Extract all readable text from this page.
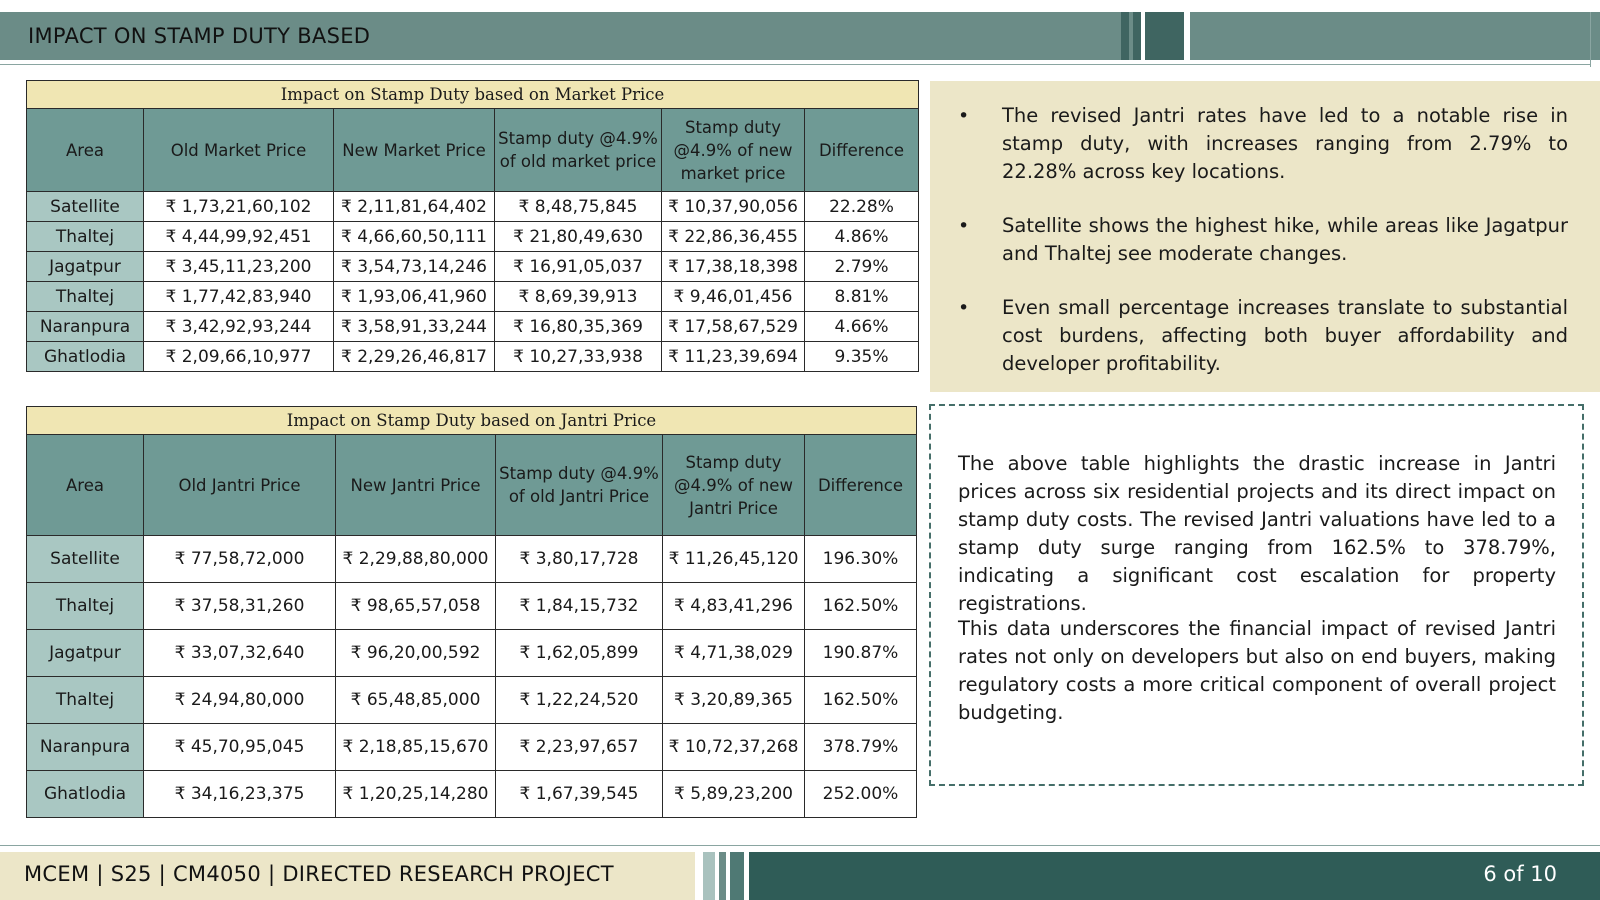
IMPACT ON STAMP DUTY BASED
Impact on Stamp Duty based on Market Price
Area	Old Market Price	New Market Price	Stamp duty @4.9% of old market price	Stamp duty @4.9% of new market price	Difference
Satellite	₹ 1,73,21,60,102	₹ 2,11,81,64,402	₹ 8,48,75,845	₹ 10,37,90,056	22.28%
Thaltej	₹ 4,44,99,92,451	₹ 4,66,60,50,111	₹ 21,80,49,630	₹ 22,86,36,455	4.86%
Jagatpur	₹ 3,45,11,23,200	₹ 3,54,73,14,246	₹ 16,91,05,037	₹ 17,38,18,398	2.79%
Thaltej	₹ 1,77,42,83,940	₹ 1,93,06,41,960	₹ 8,69,39,913	₹ 9,46,01,456	8.81%
Naranpura	₹ 3,42,92,93,244	₹ 3,58,91,33,244	₹ 16,80,35,369	₹ 17,58,67,529	4.66%
Ghatlodia	₹ 2,09,66,10,977	₹ 2,29,26,46,817	₹ 10,27,33,938	₹ 11,23,39,694	9.35%
Impact on Stamp Duty based on Jantri Price
Area	Old Jantri Price	New Jantri Price	Stamp duty @4.9% of old Jantri Price	Stamp duty @4.9% of new Jantri Price	Difference
Satellite	₹ 77,58,72,000	₹ 2,29,88,80,000	₹ 3,80,17,728	₹ 11,26,45,120	196.30%
Thaltej	₹ 37,58,31,260	₹ 98,65,57,058	₹ 1,84,15,732	₹ 4,83,41,296	162.50%
Jagatpur	₹ 33,07,32,640	₹ 96,20,00,592	₹ 1,62,05,899	₹ 4,71,38,029	190.87%
Thaltej	₹ 24,94,80,000	₹ 65,48,85,000	₹ 1,22,24,520	₹ 3,20,89,365	162.50%
Naranpura	₹ 45,70,95,045	₹ 2,18,85,15,670	₹ 2,23,97,657	₹ 10,72,37,268	378.79%
Ghatlodia	₹ 34,16,23,375	₹ 1,20,25,14,280	₹ 1,67,39,545	₹ 5,89,23,200	252.00%
• The revised Jantri rates have led to a notable rise in stamp duty, with increases ranging from 2.79% to 22.28% across key locations.
• Satellite shows the highest hike, while areas like Jagatpur and Thaltej see moderate changes.
• Even small percentage increases translate to substantial cost burdens, affecting both buyer affordability and developer profitability.
The above table highlights the drastic increase in Jantri prices across six residential projects and its direct impact on stamp duty costs. The revised Jantri valuations have led to a stamp duty surge ranging from 162.5% to 378.79%, indicating a significant cost escalation for property registrations.
This data underscores the financial impact of revised Jantri rates not only on developers but also on end buyers, making regulatory costs a more critical component of overall project budgeting.
MCEM | S25 | CM4050 | DIRECTED RESEARCH PROJECT	6 of 10
